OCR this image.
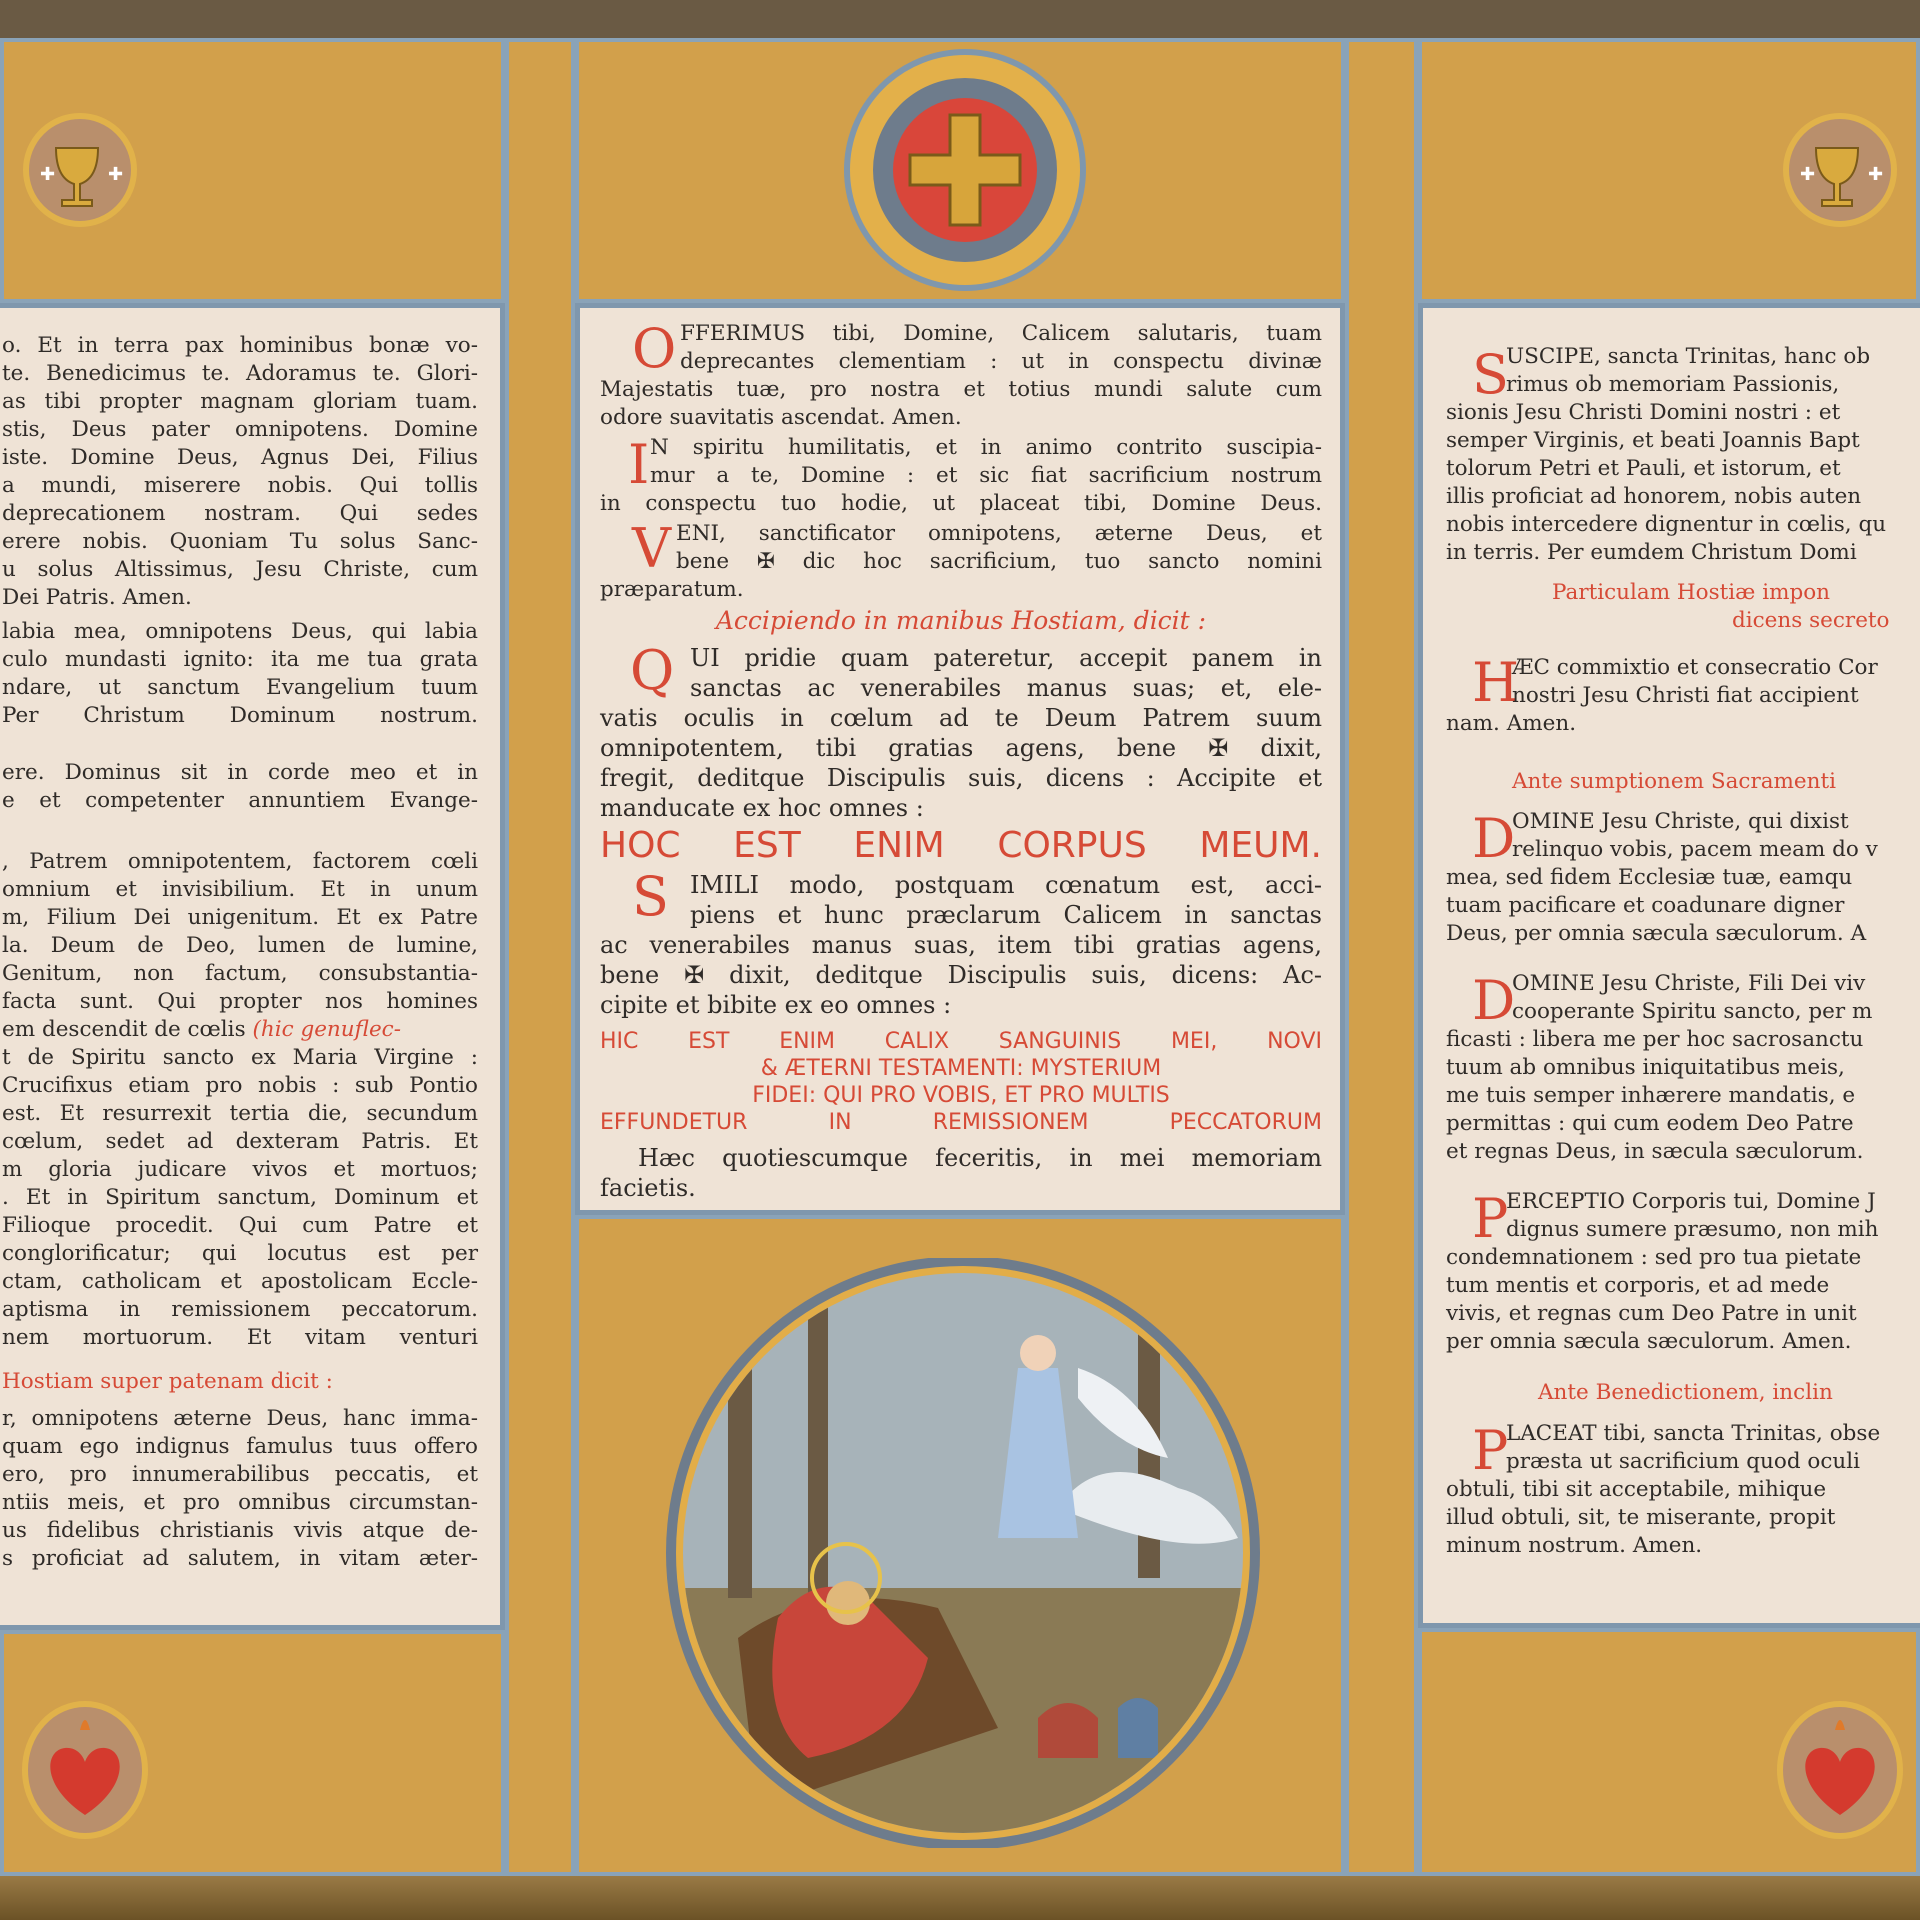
✚	✚	✚	✚
o. Et in terra pax hominibus bonæ vo-
te. Benedicimus te. Adoramus te. Glori-
as tibi propter magnam gloriam tuam.
stis, Deus pater omnipotens. Domine
iste. Domine Deus, Agnus Dei, Filius
a mundi, miserere nobis. Qui tollis
deprecationem nostram. Qui sedes
erere nobis. Quoniam Tu solus Sanc-
u solus Altissimus, Jesu Christe, cum
Dei Patris. Amen.
labia mea, omnipotens Deus, qui labia
culo mundasti ignito: ita me tua grata
ndare, ut sanctum Evangelium tuum
Per Christum Dominum nostrum.
ere. Dominus sit in corde meo et in
e et competenter annuntiem Evange-
, Patrem omnipotentem, factorem cœli
omnium et invisibilium. Et in unum
m, Filium Dei unigenitum. Et ex Patre
la. Deum de Deo, lumen de lumine,
Genitum, non factum, consubstantia-
facta sunt. Qui propter nos homines
em descendit de cœlis (hic genuflec-
t de Spiritu sancto ex Maria Virgine :
Crucifixus etiam pro nobis : sub Pontio
est. Et resurrexit tertia die, secundum
cœlum, sedet ad dexteram Patris. Et
m gloria judicare vivos et mortuos;
. Et in Spiritum sanctum, Dominum et
Filioque procedit. Qui cum Patre et
conglorificatur; qui locutus est per
ctam, catholicam et apostolicam Eccle-
aptisma in remissionem peccatorum.
nem mortuorum. Et vitam venturi
Hostiam super patenam dicit :
r, omnipotens æterne Deus, hanc imma-
quam ego indignus famulus tuus offero
ero, pro innumerabilibus peccatis, et
ntiis meis, et pro omnibus circumstan-
us fidelibus christianis vivis atque de-
s proficiat ad salutem, in vitam æter-
O FFERIMUS tibi, Domine, Calicem salutaris, tuam
deprecantes clementiam : ut in conspectu divinæ
Majestatis tuæ, pro nostra et totius mundi salute cum
odore suavitatis ascendat. Amen.
I N spiritu humilitatis, et in animo contrito suscipia-
mur a te, Domine : et sic fiat sacrificium nostrum
in conspectu tuo hodie, ut placeat tibi, Domine Deus.
V ENI, sanctificator omnipotens, æterne Deus, et
bene ✠ dic hoc sacrificium, tuo sancto nomini
præparatum.
Accipiendo in manibus Hostiam, dicit :
Q UI pridie quam pateretur, accepit panem in
sanctas ac venerabiles manus suas; et, ele-
vatis oculis in cœlum ad te Deum Patrem suum
omnipotentem, tibi gratias agens, bene ✠ dixit,
fregit, deditque Discipulis suis, dicens : Accipite et
manducate ex hoc omnes :
HOC EST ENIM CORPUS MEUM.
S IMILI modo, postquam cœnatum est, acci-
piens et hunc præclarum Calicem in sanctas
ac venerabiles manus suas, item tibi gratias agens,
bene ✠ dixit, deditque Discipulis suis, dicens: Ac-
cipite et bibite ex eo omnes :
HIC EST ENIM CALIX SANGUINIS MEI, NOVI
& ÆTERNI TESTAMENTI: MYSTERIUM
FIDEI: QUI PRO VOBIS, ET PRO MULTIS
EFFUNDETUR IN REMISSIONEM PECCATORUM
Hæc quotiescumque feceritis, in mei memoriam
facietis.
S
USCIPE, sancta Trinitas, hanc ob
rimus ob memoriam Passionis,
sionis Jesu Christi Domini nostri : et
semper Virginis, et beati Joannis Bapt
tolorum Petri et Pauli, et istorum, et
illis proficiat ad honorem, nobis auten
nobis intercedere dignentur in cœlis, qu
in terris. Per eumdem Christum Domi
Particulam Hostiæ impon
dicens secreto
H
ÆC commixtio et consecratio Cor
nostri Jesu Christi fiat accipient
nam. Amen.
Ante sumptionem Sacramenti
D
OMINE Jesu Christe, qui dixist
relinquo vobis, pacem meam do v
mea, sed fidem Ecclesiæ tuæ, eamqu
tuam pacificare et coadunare digner
Deus, per omnia sæcula sæculorum. A
D
OMINE Jesu Christe, Fili Dei viv
cooperante Spiritu sancto, per m
ficasti : libera me per hoc sacrosanctu
tuum ab omnibus iniquitatibus meis,
me tuis semper inhærere mandatis, e
permittas : qui cum eodem Deo Patre
et regnas Deus, in sæcula sæculorum.
P
ERCEPTIO Corporis tui, Domine J
dignus sumere præsumo, non mih
condemnationem : sed pro tua pietate
tum mentis et corporis, et ad mede
vivis, et regnas cum Deo Patre in unit
per omnia sæcula sæculorum. Amen.
Ante Benedictionem, inclin
P
LACEAT tibi, sancta Trinitas, obse
præsta ut sacrificium quod oculi
obtuli, tibi sit acceptabile, mihique
illud obtuli, sit, te miserante, propit
minum nostrum. Amen.
